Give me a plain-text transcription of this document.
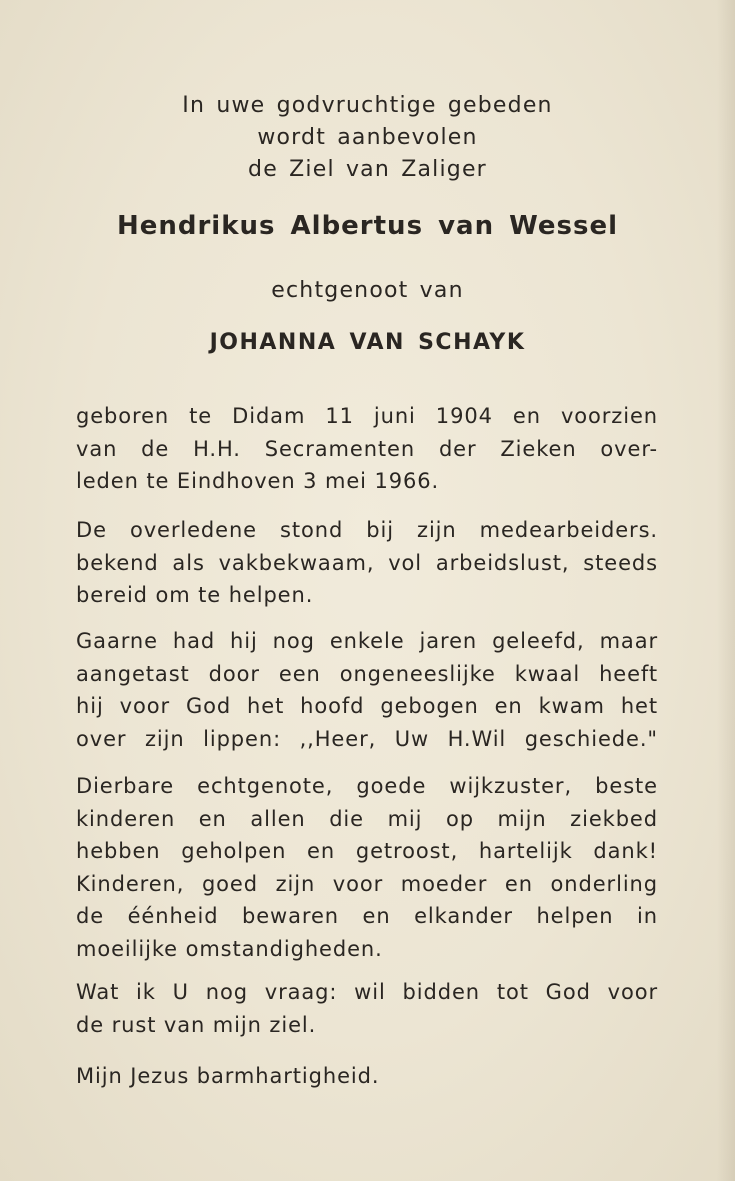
In uwe godvruchtige gebeden
wordt aanbevolen
de Ziel van Zaliger
Hendrikus Albertus van Wessel
echtgenoot van
JOHANNA VAN SCHAYK
geboren te Didam 11 juni 1904 en voorzien
van de H.H. Secramenten der Zieken over-
leden te Eindhoven 3 mei 1966.
De overledene stond bij zijn medearbeiders.
bekend als vakbekwaam, vol arbeidslust, steeds
bereid om te helpen.
Gaarne had hij nog enkele jaren geleefd, maar
aangetast door een ongeneeslijke kwaal heeft
hij voor God het hoofd gebogen en kwam het
over zijn lippen: ,,Heer, Uw H.Wil geschiede."
Dierbare echtgenote, goede wijkzuster, beste
kinderen en allen die mij op mijn ziekbed
hebben geholpen en getroost, hartelijk dank!
Kinderen, goed zijn voor moeder en onderling
de éénheid bewaren en elkander helpen in
moeilijke omstandigheden.
Wat ik U nog vraag: wil bidden tot God voor
de rust van mijn ziel.
Mijn Jezus barmhartigheid.
